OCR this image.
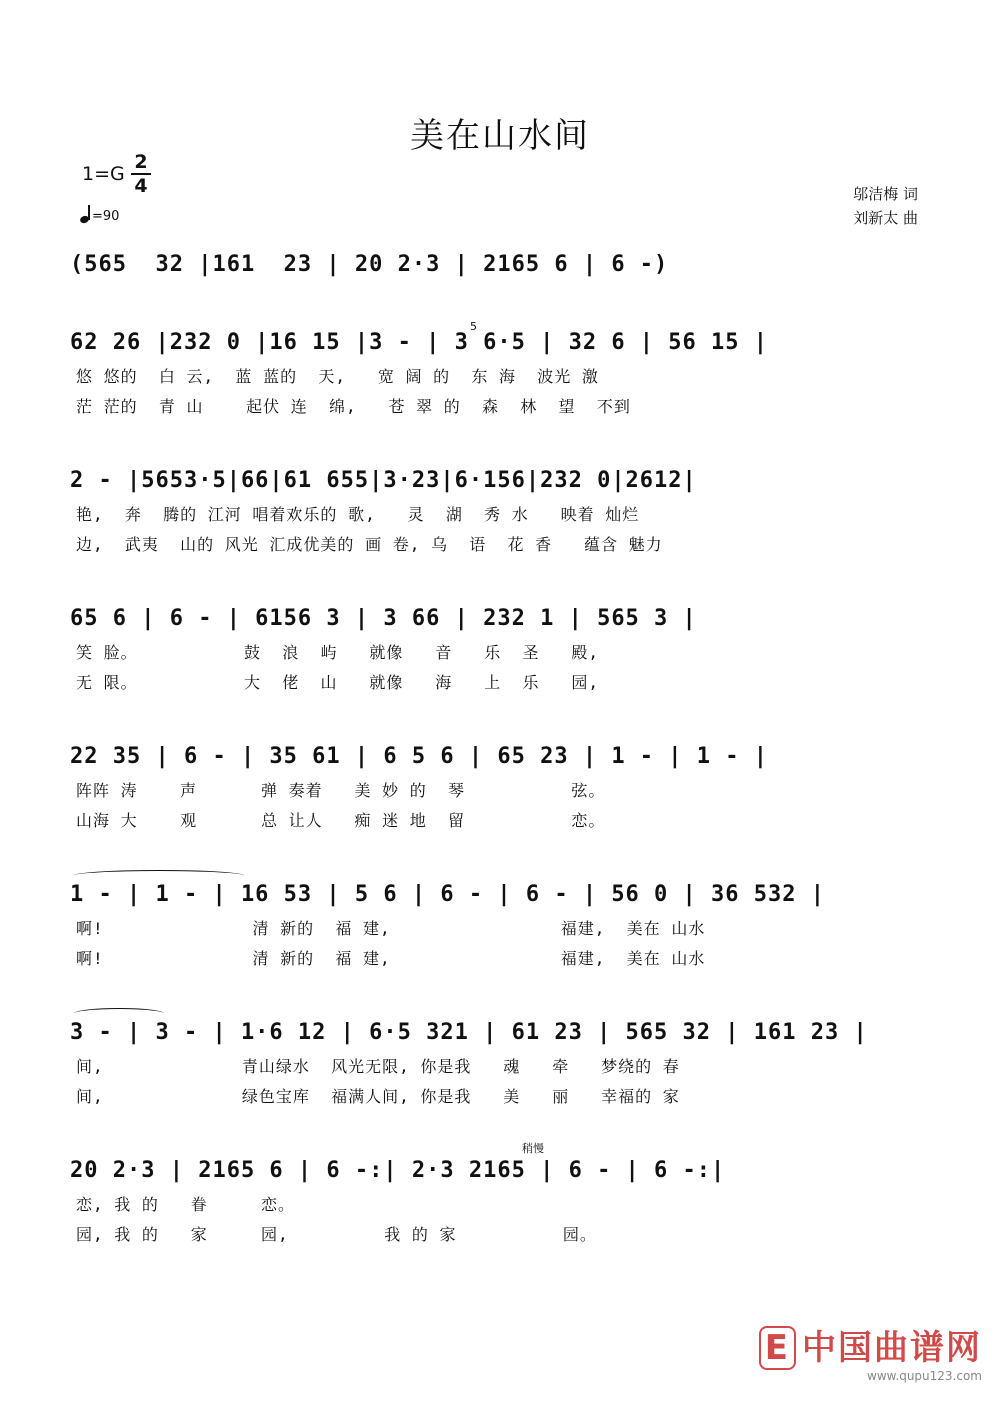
美在山水间
1=G
2
4
=90
邬洁梅 词
刘新太 曲
(565  32 |161  23 | 20 2·3 | 2165 6 | 6 -)
62 26 |232 0 |16 15 |3 - | 3 6·5 | 32 6 | 56 15 |
5
悠 悠的  白 云,  蓝 蓝的  天,   宽 阔 的  东 海  波光 激
茫 茫的  青 山    起伏 连  绵,   苍 翠 的  森  林  望  不到
2 - |5653·5|66|61 655|3·23|6·156|232 0|2612|
艳,  奔  腾的 江河 唱着欢乐的 歌,   灵  湖  秀 水   映着 灿烂
边,  武夷  山的 风光 汇成优美的 画 卷, 乌  语  花 香   蕴含 魅力
65 6 | 6 - | 6156 3 | 3 66 | 232 1 | 565 3 |
笑 脸。          鼓  浪  屿   就像   音   乐  圣   殿,
无 限。          大  佬  山   就像   海   上  乐   园,
22 35 | 6 - | 35 61 | 6 5 6 | 65 23 | 1 - | 1 - |
阵阵 涛    声      弹 奏着   美 妙 的  琴          弦。
山海 大    观      总 让人   痴 迷 地  留          恋。
1 - | 1 - | 16 53 | 5 6 | 6 - | 6 - | 56 0 | 36 532 |
啊!              清 新的  福 建,                福建,  美在 山水
啊!              清 新的  福 建,                福建,  美在 山水
3 - | 3 - | 1·6 12 | 6·5 321 | 61 23 | 565 32 | 161 23 |
间,             青山绿水  风光无限, 你是我   魂   牵   梦绕的 春
间,             绿色宝库  福满人间, 你是我   美   丽   幸福的 家
稍慢
20 2·3 | 2165 6 | 6 -:| 2·3 2165 | 6 - | 6 -:|
恋, 我 的   眷     恋。
园, 我 的   家     园,         我 的 家          园。
E 中国曲谱网
www.qupu123.com
